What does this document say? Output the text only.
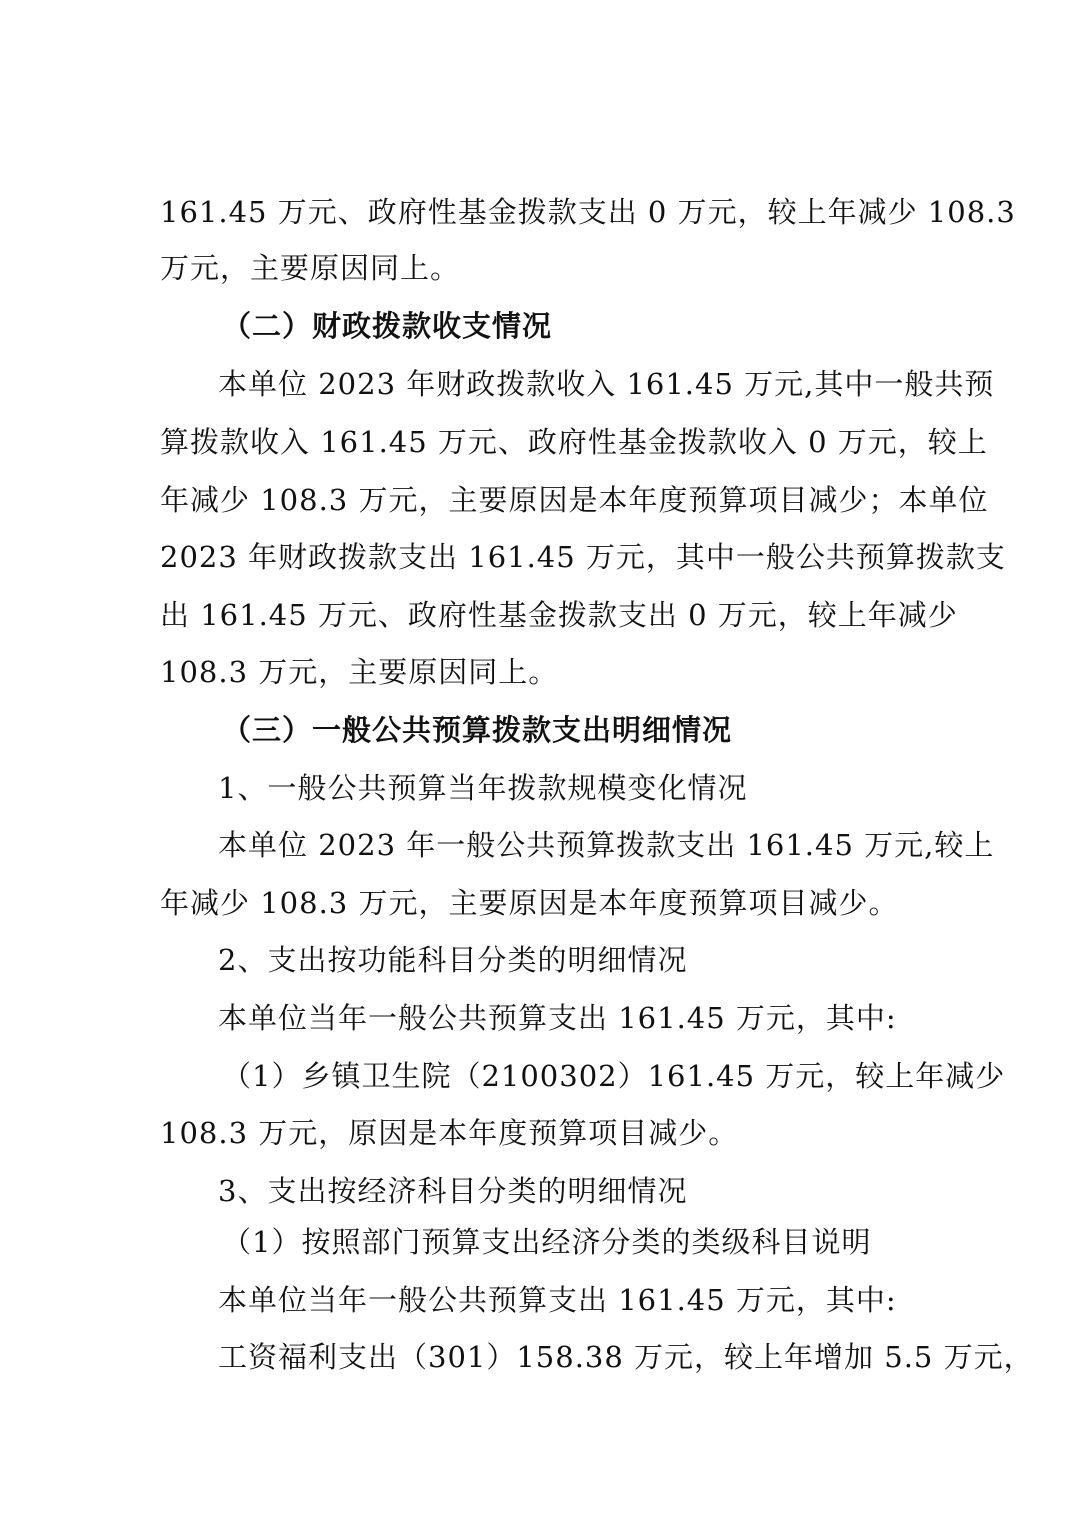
161.45 万元、政府性基金拨款支出 0 万元，较上年减少 108.3
万元，主要原因同上。
（二）财政拨款收支情况
本单位 2023 年财政拨款收入 161.45 万元,其中一般共预
算拨款收入 161.45 万元、政府性基金拨款收入 0 万元，较上
年减少 108.3 万元，主要原因是本年度预算项目减少；本单位
2023 年财政拨款支出 161.45 万元，其中一般公共预算拨款支
出 161.45 万元、政府性基金拨款支出 0 万元，较上年减少
108.3 万元，主要原因同上。
（三）一般公共预算拨款支出明细情况
1、一般公共预算当年拨款规模变化情况
本单位 2023 年一般公共预算拨款支出 161.45 万元,较上
年减少 108.3 万元，主要原因是本年度预算项目减少。
2、支出按功能科目分类的明细情况
本单位当年一般公共预算支出 161.45 万元，其中:
（1）乡镇卫生院（2100302）161.45 万元，较上年减少
108.3 万元，原因是本年度预算项目减少。
3、支出按经济科目分类的明细情况
（1）按照部门预算支出经济分类的类级科目说明
本单位当年一般公共预算支出 161.45 万元，其中:
工资福利支出（301）158.38 万元，较上年增加 5.5 万元，
